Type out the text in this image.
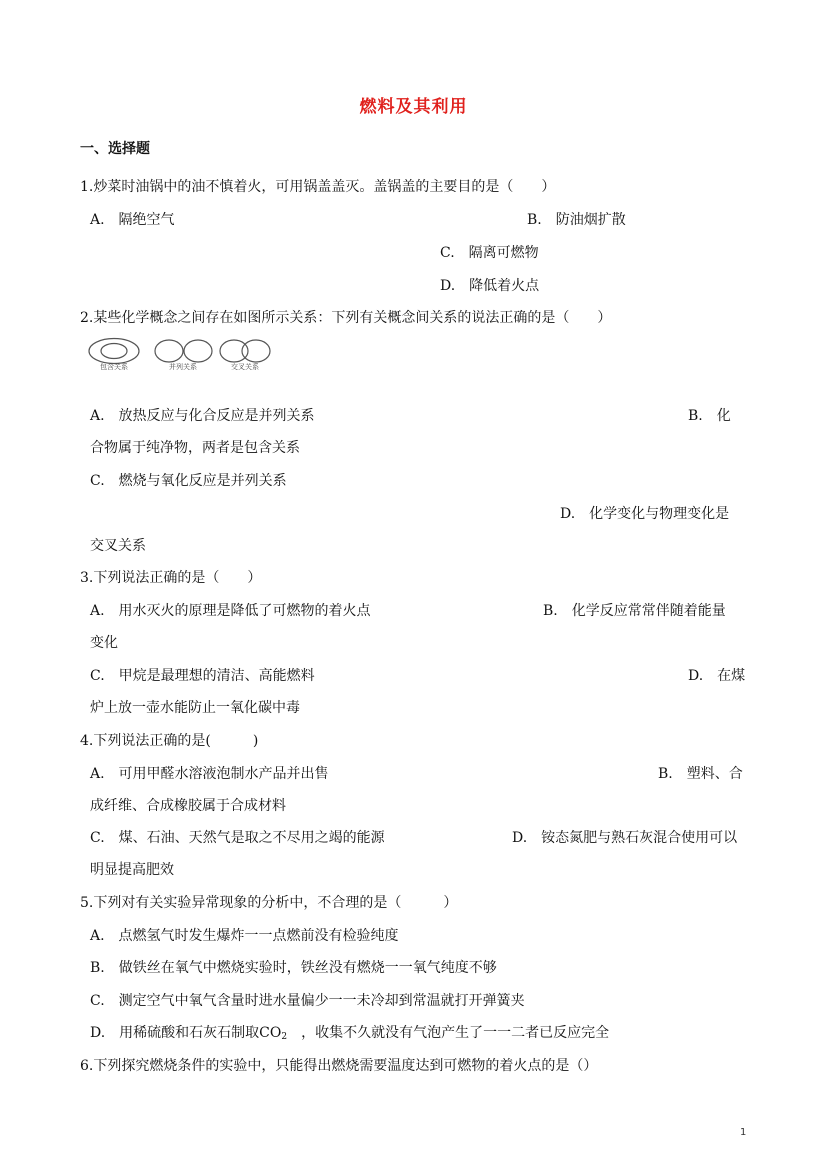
燃料及其利用
一、选择题
1.炒菜时油锅中的油不慎着火，可用锅盖盖灭。盖锅盖的主要目的是（　　）
A.　隔绝空气	B.　防油烟扩散
C.　隔离可燃物
D.　降低着火点
2.某些化学概念之间存在如图所示关系：下列有关概念间关系的说法正确的是（　　）
包含关系	并列关系	交叉关系
A.　放热反应与化合反应是并列关系	B.　化
合物属于纯净物，两者是包含关系
C.　燃烧与氧化反应是并列关系
D.　化学变化与物理变化是
交叉关系
3.下列说法正确的是（　　）
A.　用水灭火的原理是降低了可燃物的着火点	B.　化学反应常常伴随着能量
变化
C.　甲烷是最理想的清洁、高能燃料	D.　在煤
炉上放一壶水能防止一氧化碳中毒
4.下列说法正确的是(　　　)
A.　可用甲醛水溶液泡制水产品并出售	B.　塑料、合
成纤维、合成橡胶属于合成材料
C.　煤、石油、天然气是取之不尽用之竭的能源	D.　铵态氮肥与熟石灰混合使用可以
明显提高肥效
5.下列对有关实验异常现象的分析中，不合理的是（　　　）
A.　点燃氢气时发生爆炸一一点燃前没有检验纯度
B.　做铁丝在氧气中燃烧实验时，铁丝没有燃烧一一氧气纯度不够
C.　测定空气中氧气含量时进水量偏少一一未冷却到常温就打开弹簧夹
D.　用稀硫酸和石灰石制取$CO_2$　，收集不久就没有气泡产生了一一二者已反应完全
6.下列探究燃烧条件的实验中，只能得出燃烧需要温度达到可燃物的着火点的是（）
1
